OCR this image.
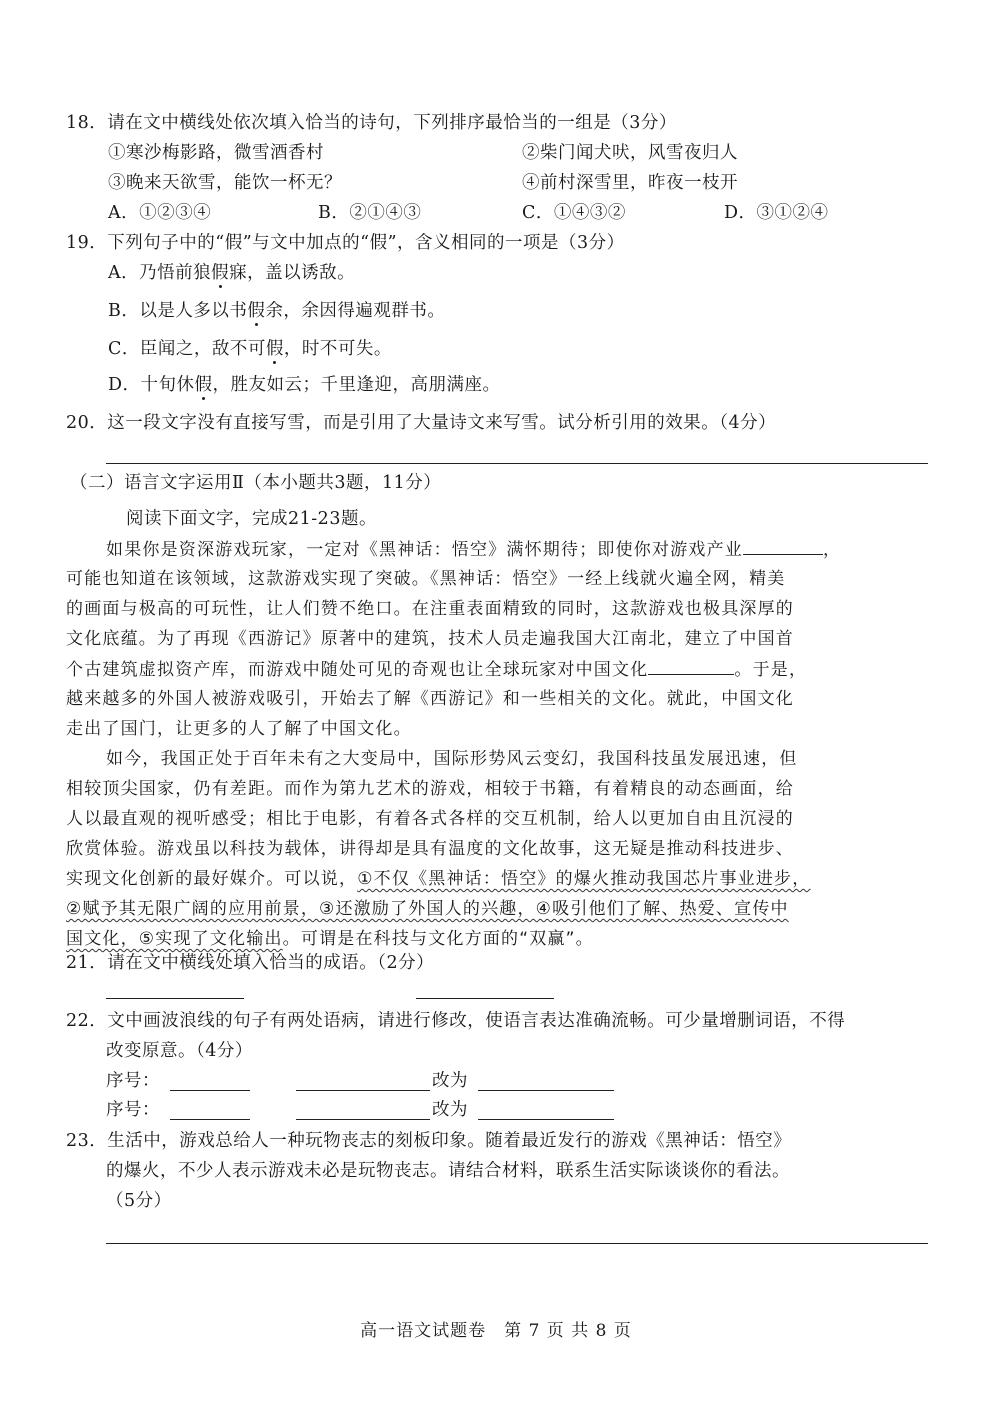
18．请在文中横线处依次填入恰当的诗句，下列排序最恰当的一组是（3分）
①寒沙梅影路，微雪酒香村	②柴门闻犬吠，风雪夜归人
③晚来天欲雪，能饮一杯无？	④前村深雪里，昨夜一枝开
A．①②③④	B．②①④③	C．①④③②	D．③①②④
19．下列句子中的“假”与文中加点的“假”，含义相同的一项是（3分）
A．乃悟前狼假寐，盖以诱敌。
B．以是人多以书假余，余因得遍观群书。
C．臣闻之，敌不可假，时不可失。
D．十旬休假，胜友如云；千里逢迎，高朋满座。
20．这一段文字没有直接写雪，而是引用了大量诗文来写雪。试分析引用的效果。（4分）
（二）语言文字运用Ⅱ（本小题共3题，11分）
阅读下面文字，完成21-23题。
如果你是资深游戏玩家，一定对《黑神话：悟空》满怀期待；即使你对游戏产业	，
可能也知道在该领域，这款游戏实现了突破。《黑神话：悟空》一经上线就火遍全网，精美
的画面与极高的可玩性，让人们赞不绝口。在注重表面精致的同时，这款游戏也极具深厚的
文化底蕴。为了再现《西游记》原著中的建筑，技术人员走遍我国大江南北，建立了中国首
个古建筑虚拟资产库，而游戏中随处可见的奇观也让全球玩家对中国文化	。于是，
越来越多的外国人被游戏吸引，开始去了解《西游记》和一些相关的文化。就此，中国文化
走出了国门，让更多的人了解了中国文化。
如今，我国正处于百年未有之大变局中，国际形势风云变幻，我国科技虽发展迅速，但
相较顶尖国家，仍有差距。而作为第九艺术的游戏，相较于书籍，有着精良的动态画面，给
人以最直观的视听感受；相比于电影，有着各式各样的交互机制，给人以更加自由且沉浸的
欣赏体验。游戏虽以科技为载体，讲得却是具有温度的文化故事，这无疑是推动科技进步、
实现文化创新的最好媒介。可以说，①不仅《黑神话：悟空》的爆火推动我国芯片事业进步，
②赋予其无限广阔的应用前景，③还激励了外国人的兴趣，④吸引他们了解、热爱、宣传中
国文化，⑤实现了文化输出。可谓是在科技与文化方面的“双赢”。
21．请在文中横线处填入恰当的成语。（2分）
22．文中画波浪线的句子有两处语病，请进行修改，使语言表达准确流畅。可少量增删词语，不得
改变原意。（4分）
序号：	改为
序号：	改为
23．生活中，游戏总给人一种玩物丧志的刻板印象。随着最近发行的游戏《黑神话：悟空》
的爆火，不少人表示游戏未必是玩物丧志。请结合材料，联系生活实际谈谈你的看法。
（5分）
高一语文试题卷　第 7 页 共 8 页
